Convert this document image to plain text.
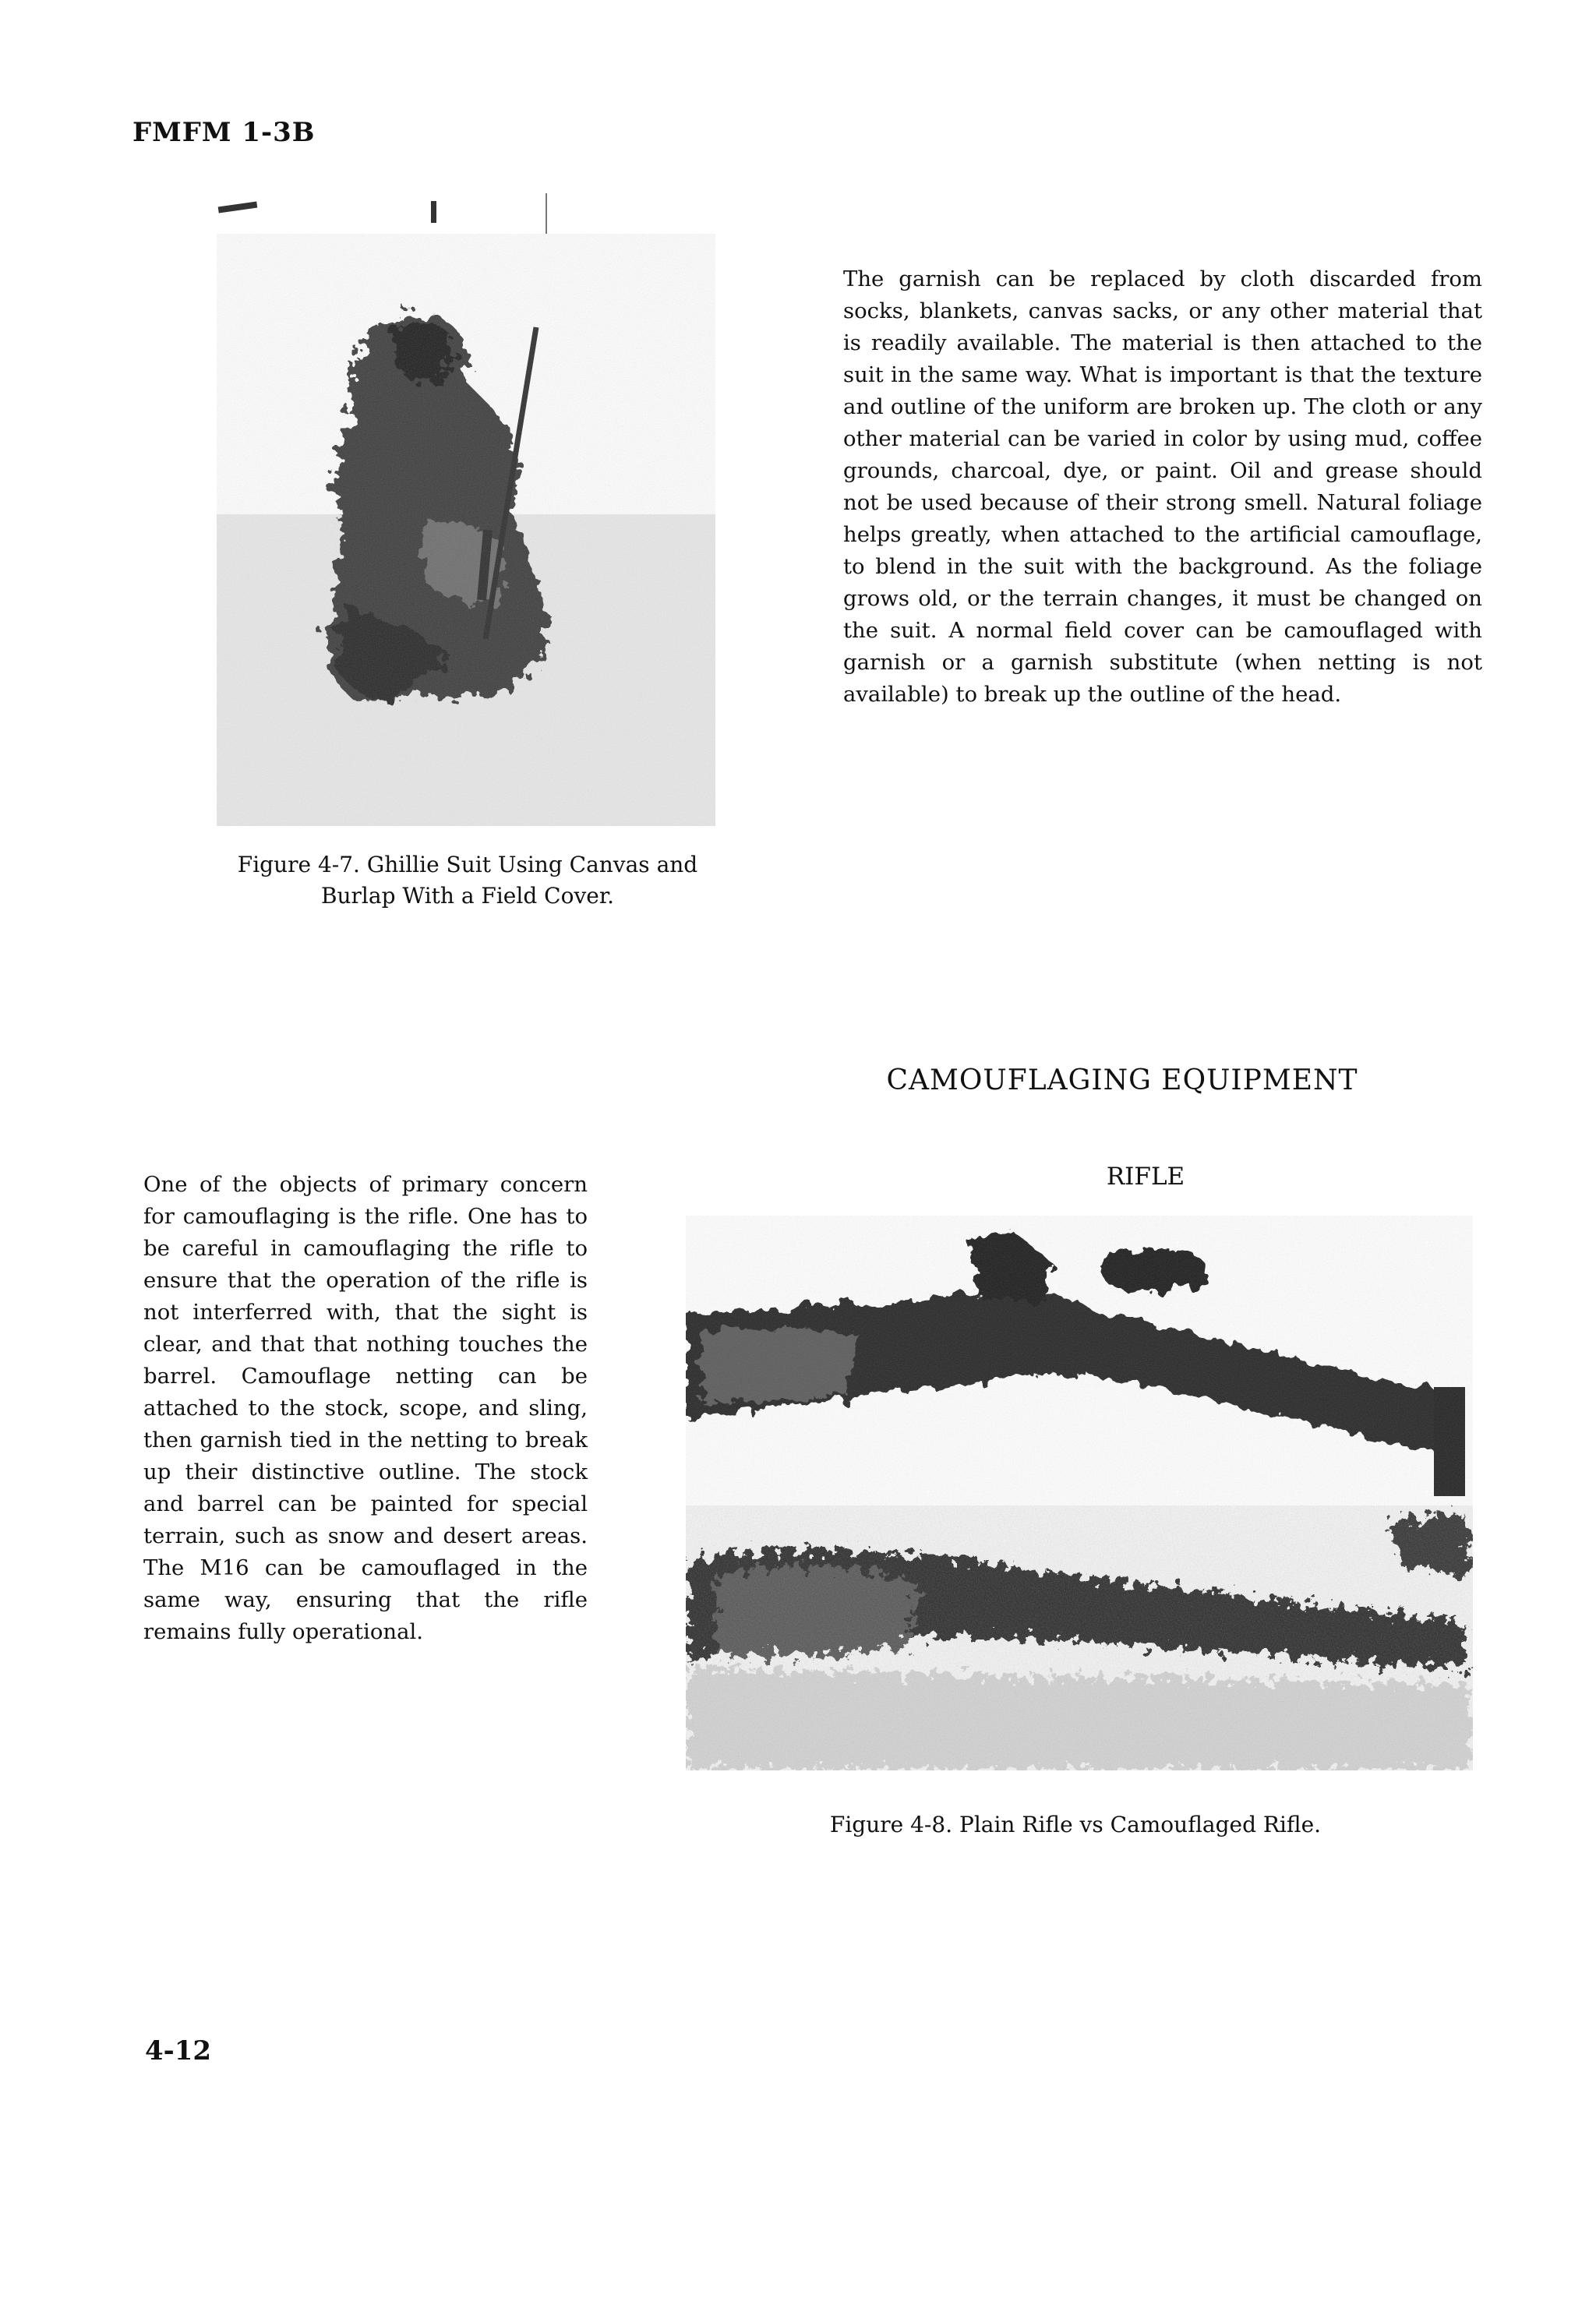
FMFM 1-3B

The garnish can be replaced by cloth discarded from socks, blankets, canvas sacks, or any other material that is readily available. The material is then attached to the suit in the same way. What is important is that the texture and outline of the uniform are broken up. The cloth or any other material can be varied in color by using mud, coffee grounds, charcoal, dye, or paint. Oil and grease should not be used because of their strong smell. Natural foliage helps greatly, when attached to the artificial camouflage, to blend in the suit with the background. As the foliage grows old, or the terrain changes, it must be changed on the suit. A normal field cover can be camouflaged with garnish or a garnish substitute (when netting is not available) to break up the outline of the head.

Figure 4-7. Ghillie Suit Using Canvas and Burlap With a Field Cover.

CAMOUFLAGING EQUIPMENT
RIFLE

One of the objects of primary concern for camouflaging is the rifle. One has to be careful in camouflaging the rifle to ensure that the operation of the rifle is not interferred with, that the sight is clear, and that that nothing touches the barrel. Camouflage netting can be attached to the stock, scope, and sling, then garnish tied in the netting to break up their distinctive outline. The stock and barrel can be painted for special terrain, such as snow and desert areas. The M16 can be camouflaged in the same way, ensuring that the rifle remains fully operational.

Figure 4-8. Plain Rifle vs Camouflaged Rifle.

4-12
